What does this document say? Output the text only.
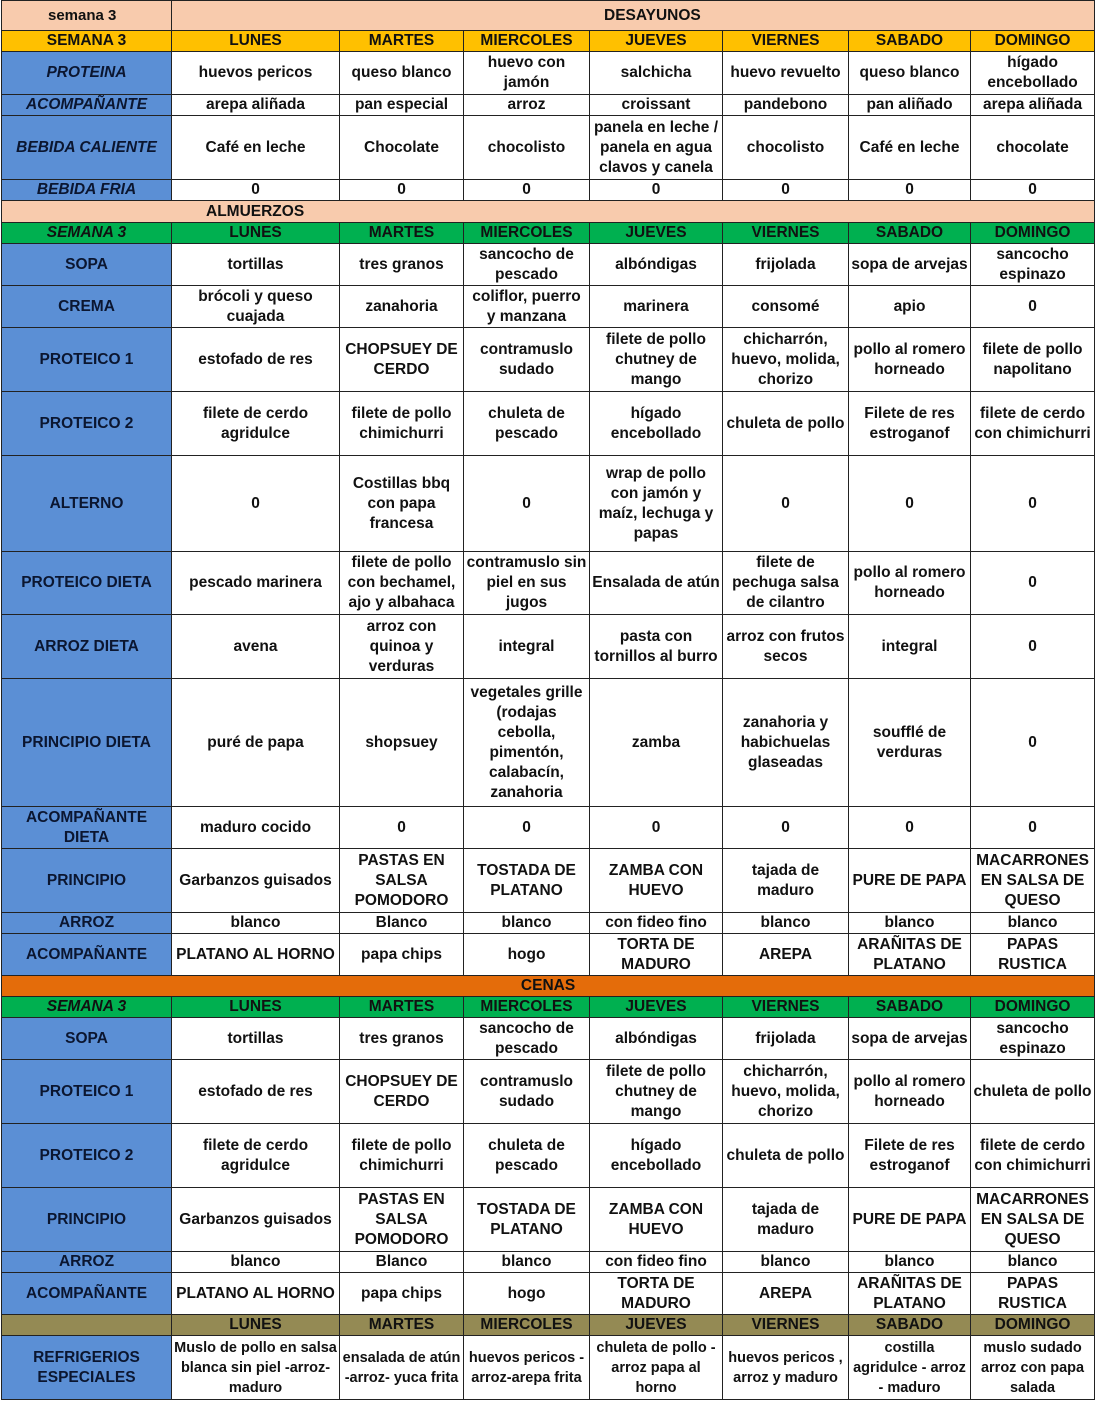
semana 3	DESAYUNOS						
SEMANA 3	LUNES	MARTES	MIERCOLES	JUEVES	VIERNES	SABADO	DOMINGO
PROTEINA	huevos pericos	queso blanco	huevo con jamón	salchicha	huevo revuelto	queso blanco	hígado encebollado
ACOMPAÑANTE	arepa aliñada	pan especial	arroz	croissant	pandebono	pan aliñado	arepa aliñada
BEBIDA CALIENTE	Café en leche	Chocolate	chocolisto	panela en leche / panela en agua clavos y canela	chocolisto	Café en leche	chocolate
BEBIDA FRIA	0	0	0	0	0	0	0
ALMUERZOS							
SEMANA 3	LUNES	MARTES	MIERCOLES	JUEVES	VIERNES	SABADO	DOMINGO
SOPA	tortillas	tres granos	sancocho de pescado	albóndigas	frijolada	sopa de arvejas	sancocho espinazo
CREMA	brócoli y queso cuajada	zanahoria	coliflor, puerro y manzana	marinera	consomé	apio	0
PROTEICO 1	estofado de res	CHOPSUEY DE CERDO	contramuslo sudado	filete de pollo chutney de mango	chicharrón, huevo, molida, chorizo	pollo al romero horneado	filete de pollo napolitano
PROTEICO 2	filete de cerdo agridulce	filete de pollo chimichurri	chuleta de pescado	hígado encebollado	chuleta de pollo	Filete de res estroganof	filete de cerdo con chimichurri
ALTERNO	0	Costillas bbq con papa francesa	0	wrap de pollo con jamón y maíz, lechuga y papas	0	0	0
PROTEICO DIETA	pescado marinera	filete de pollo con bechamel, ajo y albahaca	contramuslo sin piel en sus jugos	Ensalada de atún	filete de pechuga salsa de cilantro	pollo al romero horneado	0
ARROZ DIETA	avena	arroz con quinoa y verduras	integral	pasta con tornillos al burro	arroz con frutos secos	integral	0
PRINCIPIO DIETA	puré de papa	shopsuey	vegetales grille (rodajas cebolla, pimentón, calabacín, zanahoria	zamba	zanahoria y habichuelas glaseadas	soufflé de verduras	0
ACOMPAÑANTE DIETA	maduro cocido	0	0	0	0	0	0
PRINCIPIO	Garbanzos guisados	PASTAS EN SALSA POMODORO	TOSTADA DE PLATANO	ZAMBA CON HUEVO	tajada de maduro	PURE DE PAPA	MACARRONES EN SALSA DE QUESO
ARROZ	blanco	Blanco	blanco	con fideo fino	blanco	blanco	blanco
ACOMPAÑANTE	PLATANO AL HORNO	papa chips	hogo	TORTA DE MADURO	AREPA	ARAÑITAS DE PLATANO	PAPAS RUSTICA
CENAS							
SEMANA 3	LUNES	MARTES	MIERCOLES	JUEVES	VIERNES	SABADO	DOMINGO
SOPA	tortillas	tres granos	sancocho de pescado	albóndigas	frijolada	sopa de arvejas	sancocho espinazo
PROTEICO 1	estofado de res	CHOPSUEY DE CERDO	contramuslo sudado	filete de pollo chutney de mango	chicharrón, huevo, molida, chorizo	pollo al romero horneado	chuleta de pollo
PROTEICO 2	filete de cerdo agridulce	filete de pollo chimichurri	chuleta de pescado	hígado encebollado	chuleta de pollo	Filete de res estroganof	filete de cerdo con chimichurri
PRINCIPIO	Garbanzos guisados	PASTAS EN SALSA POMODORO	TOSTADA DE PLATANO	ZAMBA CON HUEVO	tajada de maduro	PURE DE PAPA	MACARRONES EN SALSA DE QUESO
ARROZ	blanco	Blanco	blanco	con fideo fino	blanco	blanco	blanco
ACOMPAÑANTE	PLATANO AL HORNO	papa chips	hogo	TORTA DE MADURO	AREPA	ARAÑITAS DE PLATANO	PAPAS RUSTICA
	LUNES	MARTES	MIERCOLES	JUEVES	VIERNES	SABADO	DOMINGO
REFRIGERIOS ESPECIALES	Muslo de pollo en salsa blanca sin piel -arroz-maduro	ensalada de atún -arroz- yuca frita	huevos pericos - arroz-arepa frita	chuleta de pollo - arroz papa al horno	huevos pericos , arroz y maduro	costilla agridulce - arroz - maduro	muslo sudado arroz con papa salada
